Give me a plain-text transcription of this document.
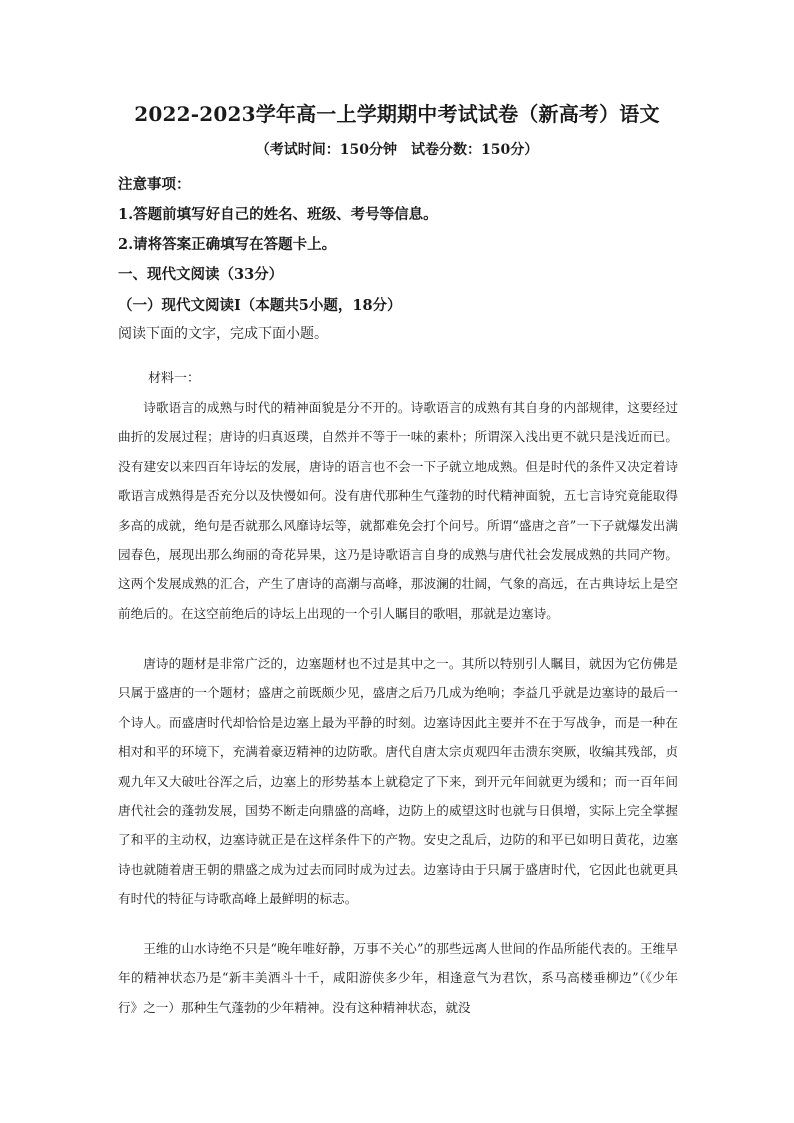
2022-2023学年高一上学期期中考试试卷（新高考）语文
（考试时间：150分钟　试卷分数：150分）
注意事项：
1.答题前填写好自己的姓名、班级、考号等信息。
2.请将答案正确填写在答题卡上。
一、现代文阅读（33分）
（一）现代文阅读Ⅰ（本题共5小题，18分）
阅读下面的文字，完成下面小题。
材料一：

诗歌语言的成熟与时代的精神面貌是分不开的。诗歌语言的成熟有其自身的内部规律，这要经过曲折的发展过程；唐诗的归真返璞，自然并不等于一味的素朴；所谓深入浅出更不就只是浅近而已。没有建安以来四百年诗坛的发展，唐诗的语言也不会一下子就立地成熟。但是时代的条件又决定着诗歌语言成熟得是否充分以及快慢如何。没有唐代那种生气蓬勃的时代精神面貌，五七言诗究竟能取得多高的成就，绝句是否就那么风靡诗坛等，就都难免会打个问号。所谓“盛唐之音”一下子就爆发出满园春色，展现出那么绚丽的奇花异果，这乃是诗歌语言自身的成熟与唐代社会发展成熟的共同产物。这两个发展成熟的汇合，产生了唐诗的高潮与高峰，那波澜的壮阔，气象的高远，在古典诗坛上是空前绝后的。在这空前绝后的诗坛上出现的一个引人瞩目的歌唱，那就是边塞诗。

唐诗的题材是非常广泛的，边塞题材也不过是其中之一。其所以特别引人瞩目，就因为它仿佛是只属于盛唐的一个题材；盛唐之前既颇少见，盛唐之后乃几成为绝响；李益几乎就是边塞诗的最后一个诗人。而盛唐时代却恰恰是边塞上最为平静的时刻。边塞诗因此主要并不在于写战争，而是一种在相对和平的环境下，充满着豪迈精神的边防歌。唐代自唐太宗贞观四年击溃东突厥，收编其残部，贞观九年又大破吐谷浑之后，边塞上的形势基本上就稳定了下来，到开元年间就更为缓和；而一百年间唐代社会的蓬勃发展，国势不断走向鼎盛的高峰，边防上的威望这时也就与日俱增，实际上完全掌握了和平的主动权，边塞诗就正是在这样条件下的产物。安史之乱后，边防的和平已如明日黄花，边塞诗也就随着唐王朝的鼎盛之成为过去而同时成为过去。边塞诗由于只属于盛唐时代，它因此也就更具有时代的特征与诗歌高峰上最鲜明的标志。

王维的山水诗绝不只是“晚年唯好静，万事不关心”的那些远离人世间的作品所能代表的。王维早年的精神状态乃是“新丰美酒斗十千，咸阳游侠多少年，相逢意气为君饮，系马高楼垂柳边”（《少年行》之一）那种生气蓬勃的少年精神。没有这种精神状态，就没
